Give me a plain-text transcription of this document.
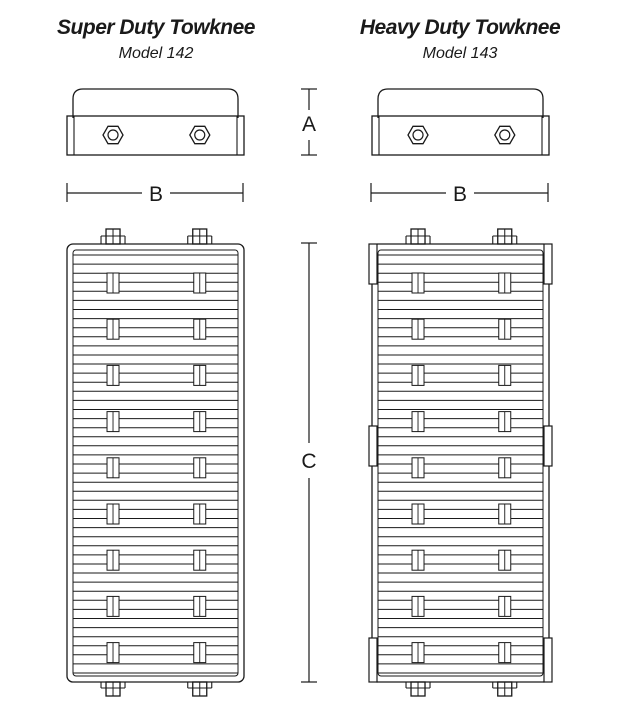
Super Duty Towknee
Model 142
Heavy Duty Towknee
Model 143
A
C
B	B
